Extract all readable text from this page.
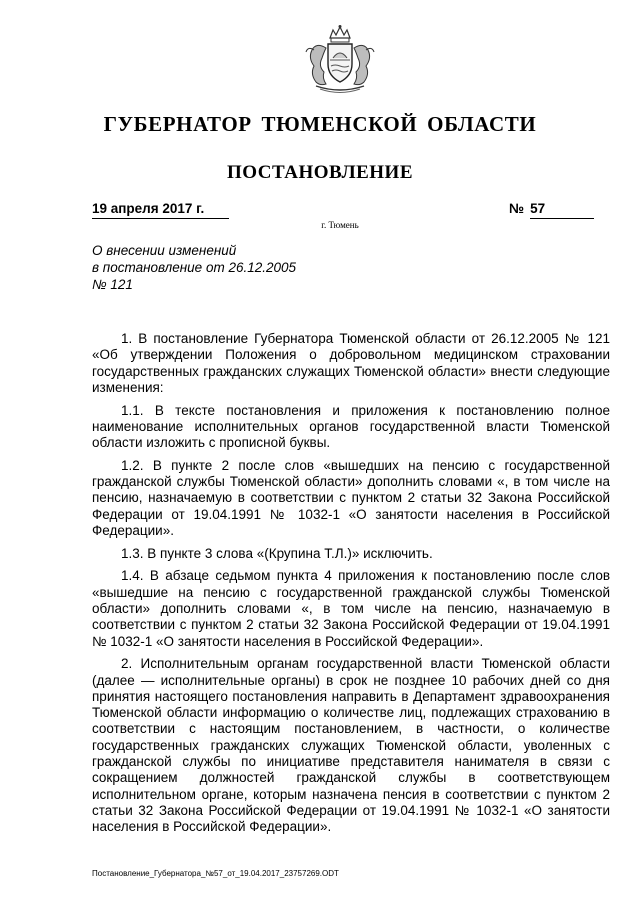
ГУБЕРНАТОР ТЮМЕНСКОЙ ОБЛАСТИ
ПОСТАНОВЛЕНИЕ
19 апреля 2017 г.	№ 57
г. Тюмень
О внесении изменений
в постановление от 26.12.2005
№ 121

1. В постановление Губернатора Тюменской области от 26.12.2005 № 121 «Об утверждении Положения о добровольном медицинском страховании государственных гражданских служащих Тюменской области» внести следующие изменения:

1.1. В тексте постановления и приложения к постановлению полное наименование исполнительных органов государственной власти Тюменской области изложить с прописной буквы.

1.2. В пункте 2 после слов «вышедших на пенсию с государственной гражданской службы Тюменской области» дополнить словами «, в том числе на пенсию, назначаемую в соответствии с пунктом 2 статьи 32 Закона Российской Федерации от 19.04.1991 № 1032-1 «О занятости населения в Российской Федерации».

1.3. В пункте 3 слова «(Крупина Т.Л.)» исключить.

1.4. В абзаце седьмом пункта 4 приложения к постановлению после слов «вышедшие на пенсию с государственной гражданской службы Тюменской области» дополнить словами «, в том числе на пенсию, назначаемую в соответствии с пунктом 2 статьи 32 Закона Российской Федерации от 19.04.1991 № 1032-1 «О занятости населения в Российской Федерации».

2. Исполнительным органам государственной власти Тюменской области (далее — исполнительные органы) в срок не позднее 10 рабочих дней со дня принятия настоящего постановления направить в Департамент здравоохранения Тюменской области информацию о количестве лиц, подлежащих страхованию в соответствии с настоящим постановлением, в частности, о количестве государственных гражданских служащих Тюменской области, уволенных с гражданской службы по инициативе представителя нанимателя в связи с сокращением должностей гражданской службы в соответствующем исполнительном органе, которым назначена пенсия в соответствии с пунктом 2 статьи 32 Закона Российской Федерации от 19.04.1991 № 1032-1 «О занятости населения в Российской Федерации».

Постановление_Губернатора_№57_от_19.04.2017_23757269.ODT
